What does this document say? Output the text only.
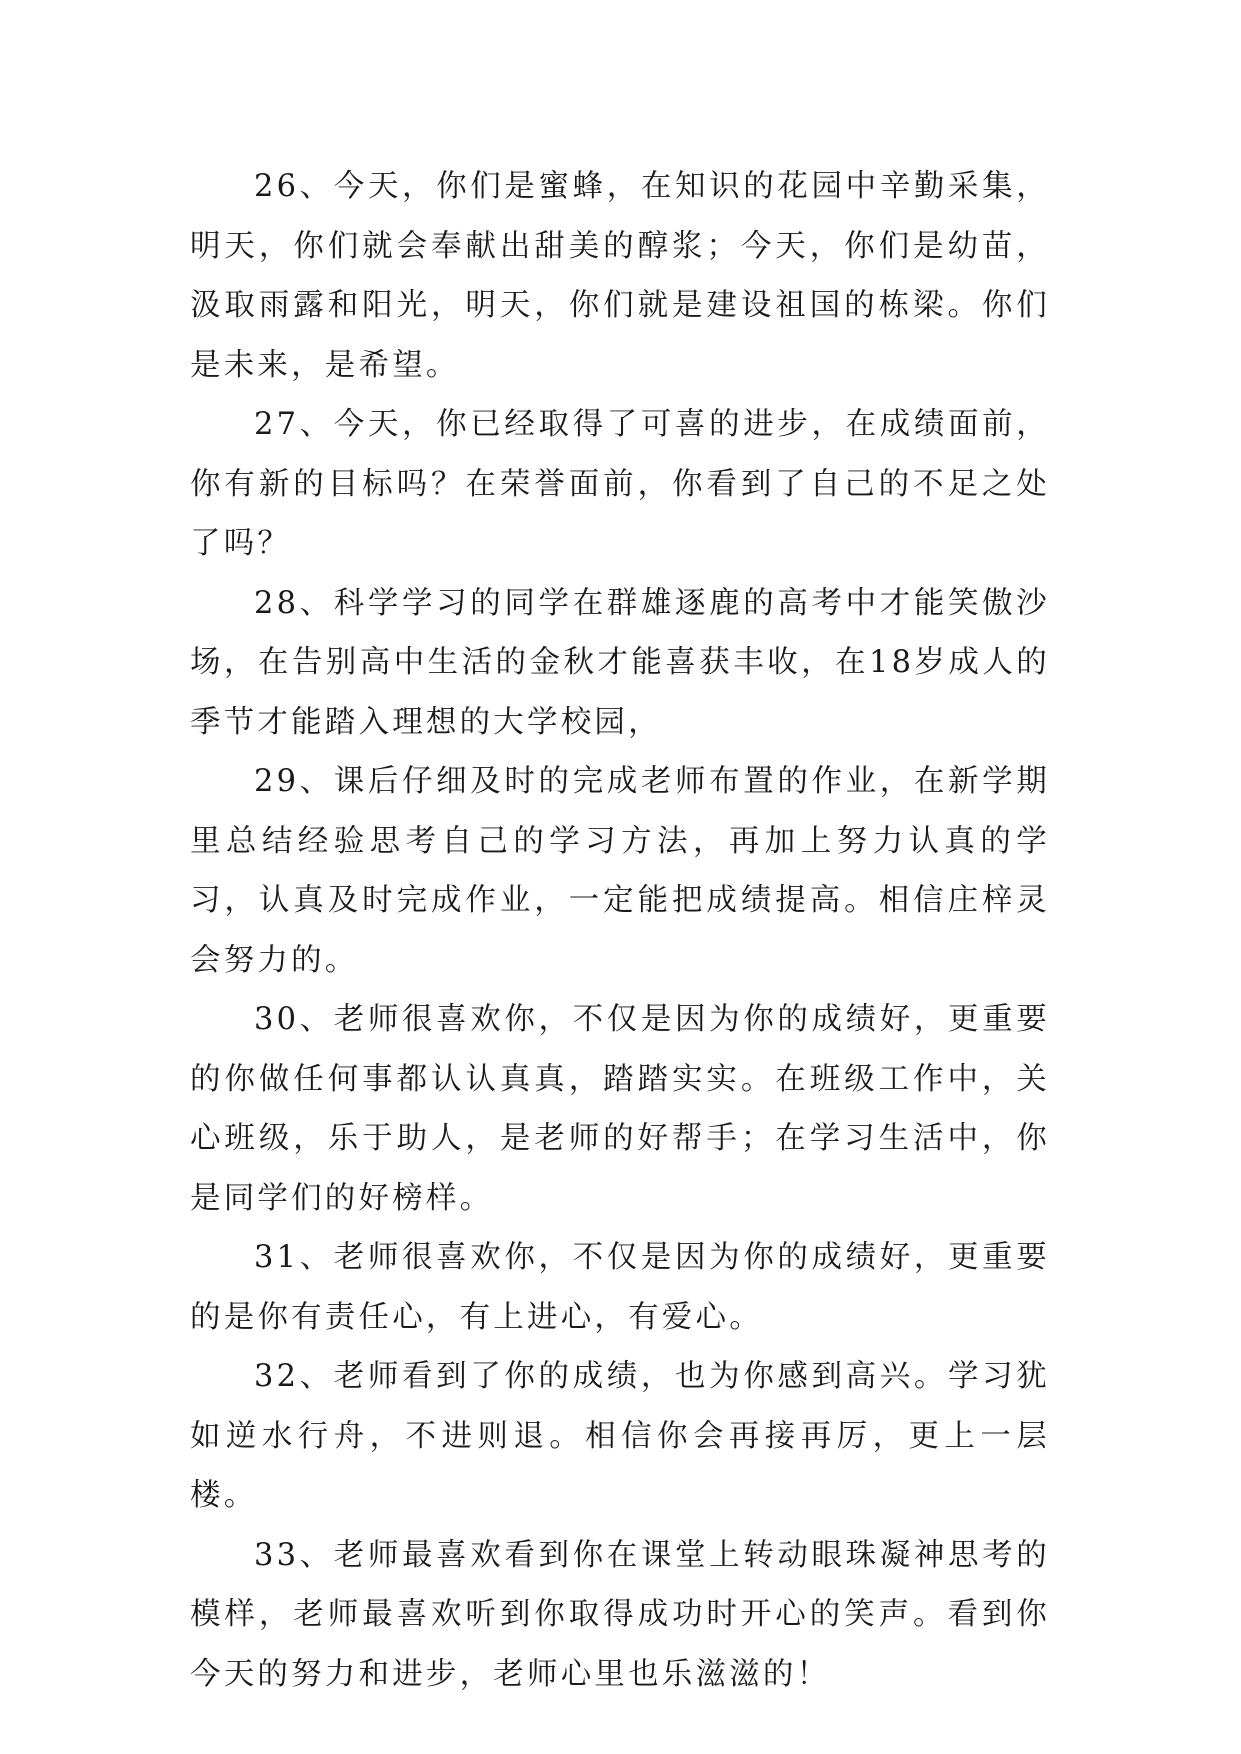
26、今天，你们是蜜蜂，在知识的花园中辛勤采集，明天，你们就会奉献出甜美的醇浆；今天，你们是幼苗，汲取雨露和阳光，明天，你们就是建设祖国的栋梁。你们是未来，是希望。

27、今天，你已经取得了可喜的进步，在成绩面前，你有新的目标吗？在荣誉面前，你看到了自己的不足之处了吗？

28、科学学习的同学在群雄逐鹿的高考中才能笑傲沙场，在告别高中生活的金秋才能喜获丰收，在18岁成人的季节才能踏入理想的大学校园，

29、课后仔细及时的完成老师布置的作业，在新学期里总结经验思考自己的学习方法，再加上努力认真的学习，认真及时完成作业，一定能把成绩提高。相信庄梓灵会努力的。

30、老师很喜欢你，不仅是因为你的成绩好，更重要的你做任何事都认认真真，踏踏实实。在班级工作中，关心班级，乐于助人，是老师的好帮手；在学习生活中，你是同学们的好榜样。

31、老师很喜欢你，不仅是因为你的成绩好，更重要的是你有责任心，有上进心，有爱心。

32、老师看到了你的成绩，也为你感到高兴。学习犹如逆水行舟，不进则退。相信你会再接再厉，更上一层楼。

33、老师最喜欢看到你在课堂上转动眼珠凝神思考的模样，老师最喜欢听到你取得成功时开心的笑声。看到你今天的努力和进步，老师心里也乐滋滋的！
